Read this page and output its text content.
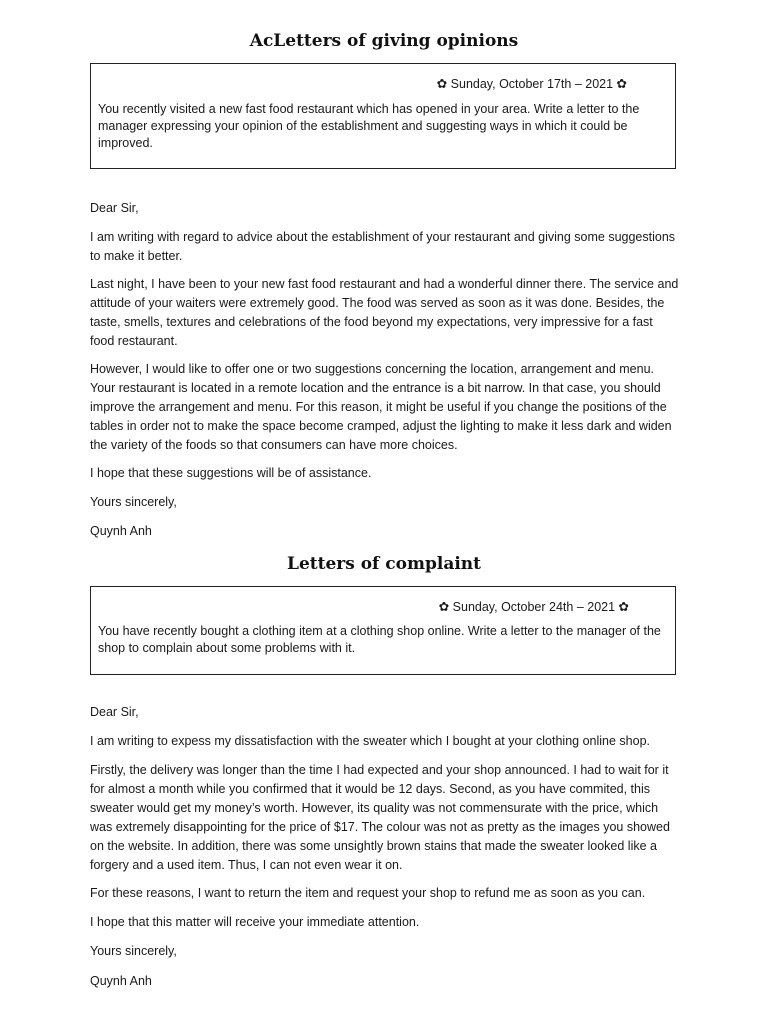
AcLetters of giving opinions
✿ Sunday, October 17th – 2021 ✿
You recently visited a new fast food restaurant which has opened in your area. Write a letter to the manager expressing your opinion of the establishment and suggesting ways in which it could be improved.

Dear Sir,

I am writing with regard to advice about the establishment of your restaurant and giving some suggestions to make it better.

Last night, I have been to your new fast food restaurant and had a wonderful dinner there. The service and attitude of your waiters were extremely good. The food was served as soon as it was done. Besides, the taste, smells, textures and celebrations of the food beyond my expectations, very impressive for a fast food restaurant.

However, I would like to offer one or two suggestions concerning the location, arrangement and menu. Your restaurant is located in a remote location and the entrance is a bit narrow. In that case, you should improve the arrangement and menu. For this reason, it might be useful if you change the positions of the tables in order not to make the space become cramped, adjust the lighting to make it less dark and widen the variety of the foods so that consumers can have more choices.

I hope that these suggestions will be of assistance.

Yours sincerely,

Quynh Anh

Letters of complaint
✿ Sunday, October 24th – 2021 ✿
You have recently bought a clothing item at a clothing shop online. Write a letter to the manager of the shop to complain about some problems with it.

Dear Sir,

I am writing to expess my dissatisfaction with the sweater which I bought at your clothing online shop.

Firstly, the delivery was longer than the time I had expected and your shop announced. I had to wait for it for almost a month while you confirmed that it would be 12 days. Second, as you have commited, this sweater would get my money’s worth. However, its quality was not commensurate with the price, which was extremely disappointing for the price of $17. The colour was not as pretty as the images you showed on the website. In addition, there was some unsightly brown stains that made the sweater looked like a forgery and a used item. Thus, I can not even wear it on.

For these reasons, I want to return the item and request your shop to refund me as soon as you can.

I hope that this matter will receive your immediate attention.

Yours sincerely,

Quynh Anh
